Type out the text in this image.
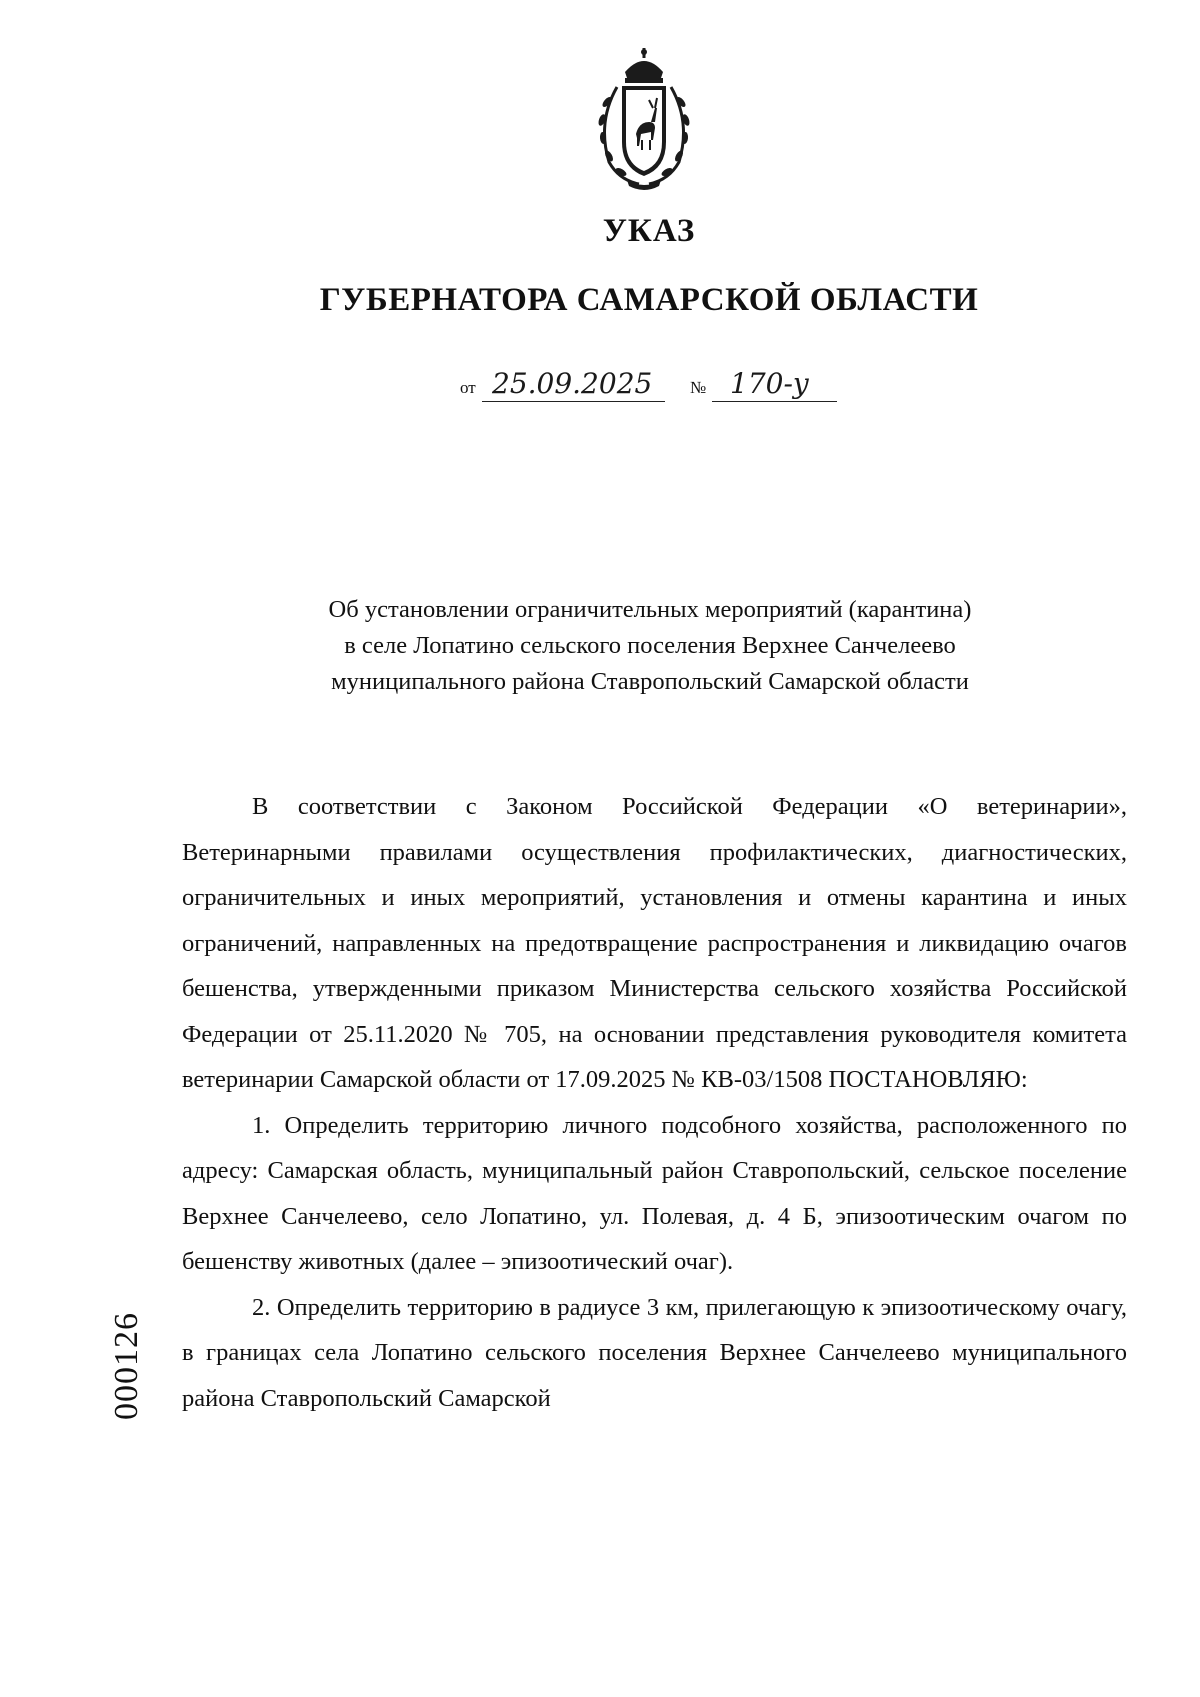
УКАЗ
ГУБЕРНАТОРА САМАРСКОЙ ОБЛАСТИ
от 25.09.2025 № 170-у
Об установлении ограничительных мероприятий (карантина)
в селе Лопатино сельского поселения Верхнее Санчелеево
муниципального района Ставропольский Самарской области

В соответствии с Законом Российской Федерации «О ветеринарии», Ветеринарными правилами осуществления профилактических, диагностических, ограничительных и иных мероприятий, установления и отмены карантина и иных ограничений, направленных на предотвращение распространения и ликвидацию очагов бешенства, утвержденными приказом Министерства сельского хозяйства Российской Федерации от 25.11.2020 № 705, на основании представления руководителя комитета ветеринарии Самарской области от 17.09.2025 № КВ-03/1508 ПОСТАНОВЛЯЮ:

1. Определить территорию личного подсобного хозяйства, расположенного по адресу: Самарская область, муниципальный район Ставропольский, сельское поселение Верхнее Санчелеево, село Лопатино, ул. Полевая, д. 4 Б, эпизоотическим очагом по бешенству животных (далее – эпизоотический очаг).

2. Определить территорию в радиусе 3 км, прилегающую к эпизоотическому очагу, в границах села Лопатино сельского поселения Верхнее Санчелеево муниципального района Ставропольский Самарской

000126
